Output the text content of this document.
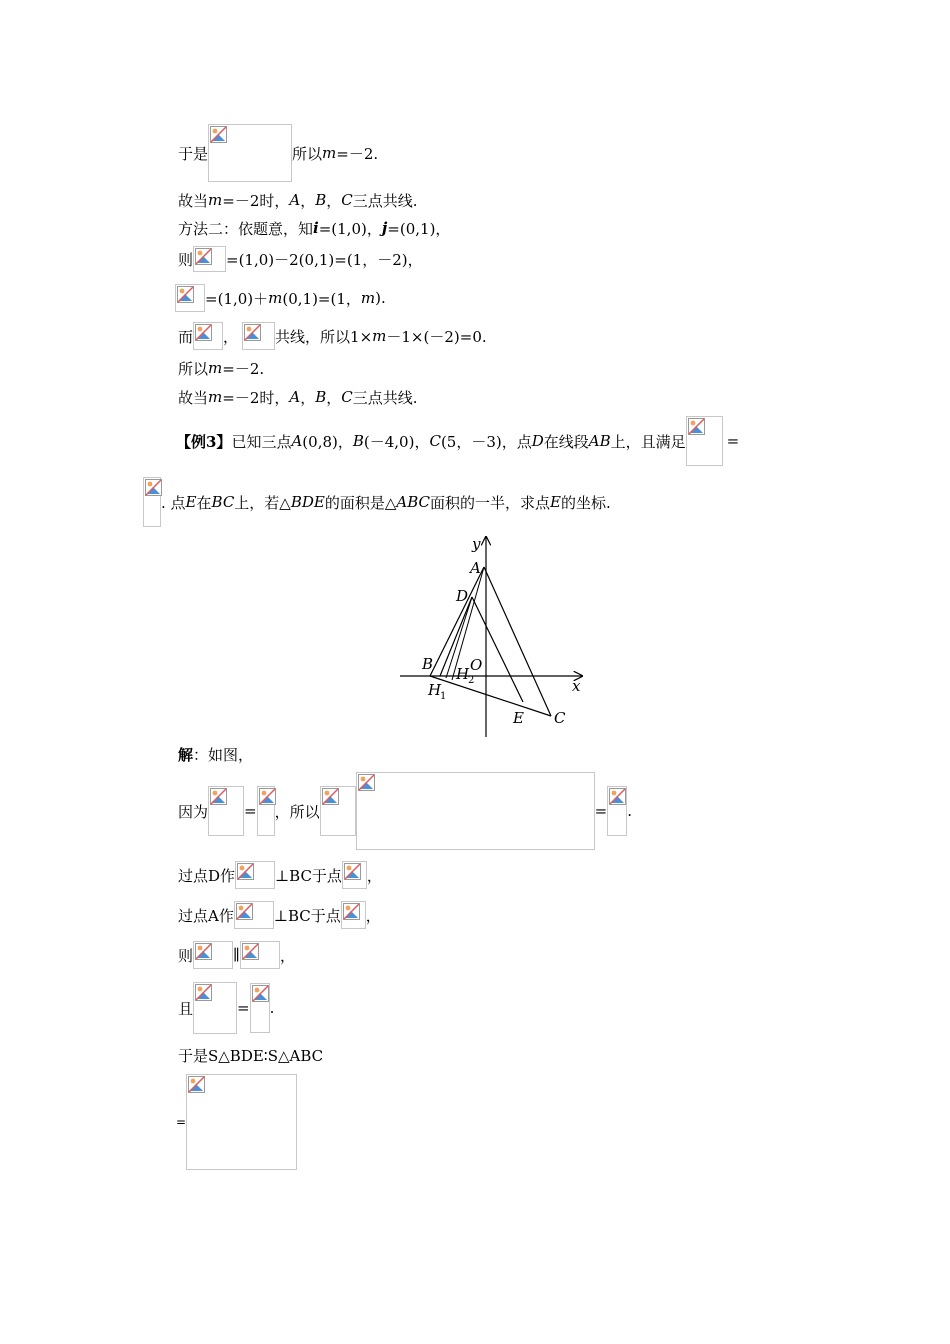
于是	所以 m =－2.
故当 m =－2时， A ， B ， C 三点共线.
方法二：依题意，知 i =(1,0)， j =(0,1)，
则 =(1,0)－2(0,1)=(1，－2)，
=(1,0)＋ m (0,1)=(1， m ).
而 ， 共线，所以1× m －1×(－2)=0.
所以 m =－2.
故当 m =－2时， A ， B ， C 三点共线.
【例3】 已知三点 A (0,8)， B (－4,0)， C (5，－3)，点 D 在线段 AB 上，且满足	=
. 点 E 在 BC 上，若△ BDE 的面积是△ ABC 面积的一半，求点 E 的坐标.
y
x
A
D
B O
H
2
H
1
E C
解 ：如图，
因为 = ，所以	= .
过点D作	⊥BC于点 ，
过点A作	⊥BC于点 ，
则	∥	，
且	= .
于是S△BDE∶S△ABC
=
